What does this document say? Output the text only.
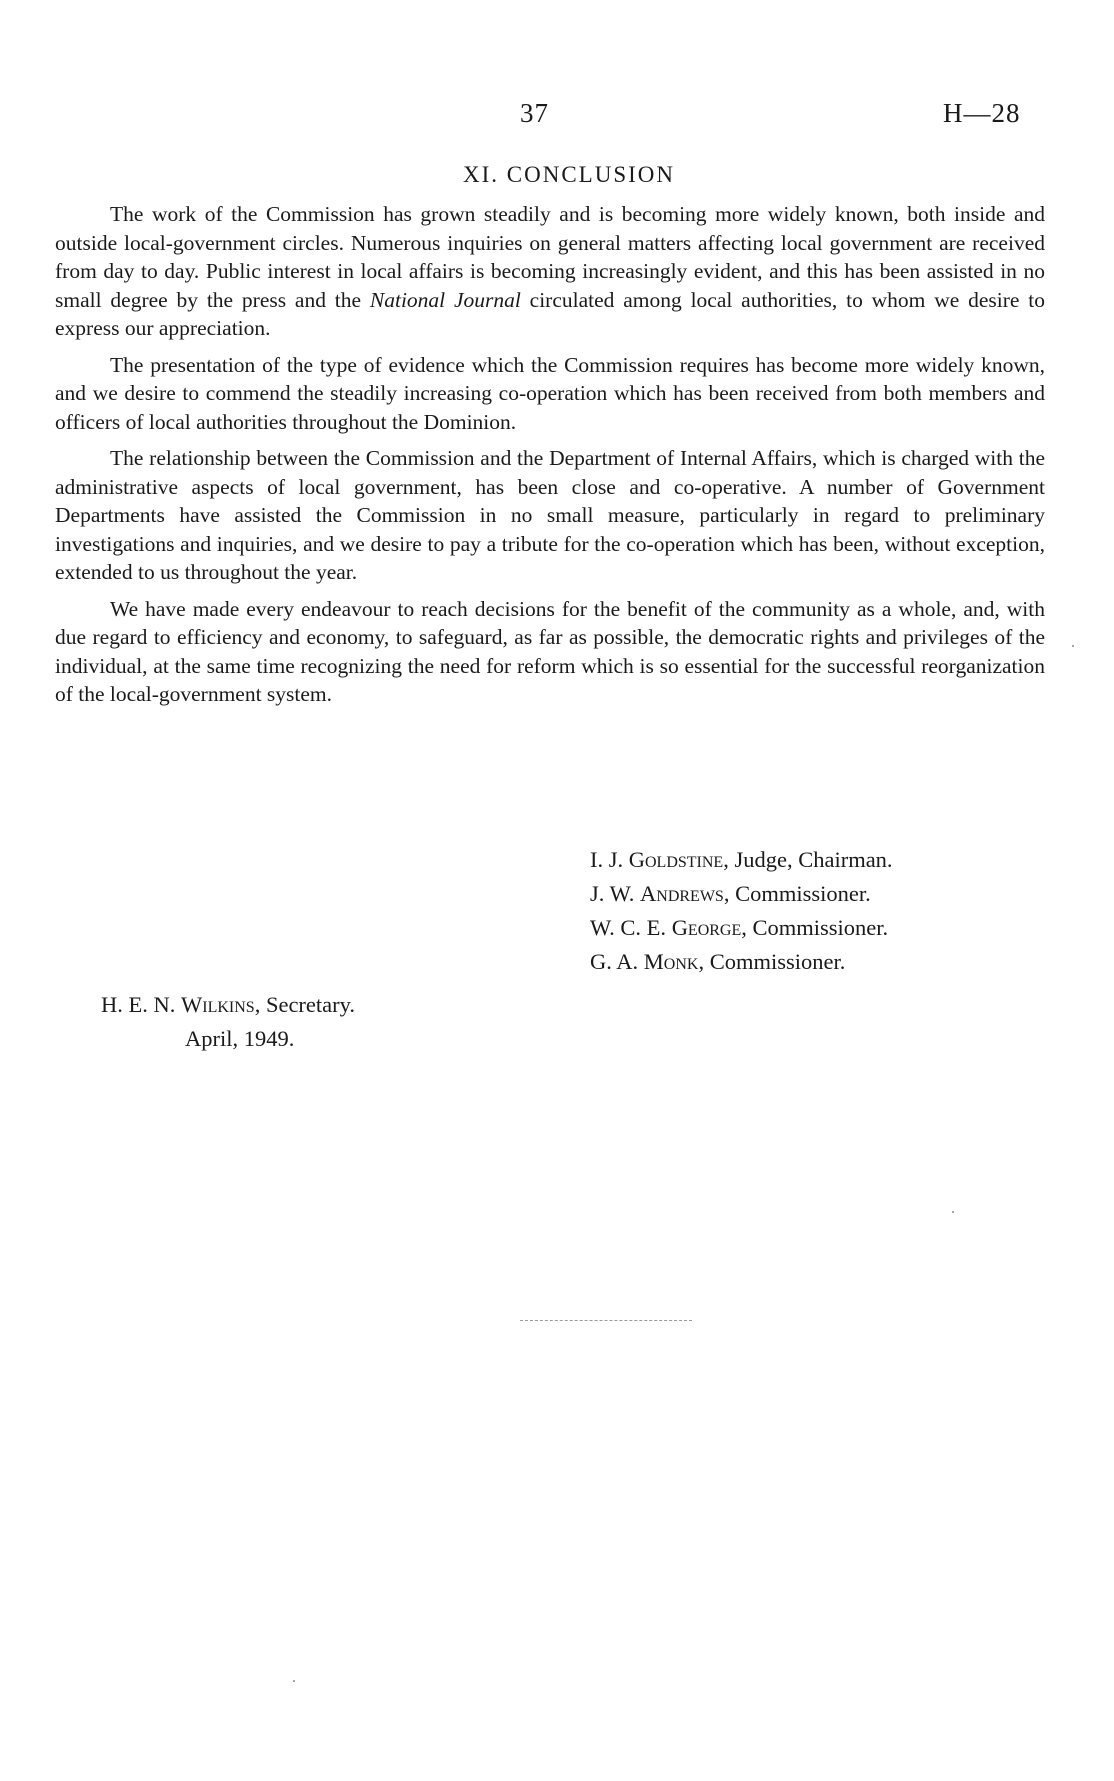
37	H—28
XI. CONCLUSION

The work of the Commission has grown steadily and is becoming more widely known, both inside and outside local-government circles. Numerous inquiries on general matters affecting local government are received from day to day. Public interest in local affairs is becoming increasingly evident, and this has been assisted in no small degree by the press and the National Journal circulated among local authorities, to whom we desire to express our appreciation.

The presentation of the type of evidence which the Commission requires has become more widely known, and we desire to commend the steadily increasing co-operation which has been received from both members and officers of local authorities throughout the Dominion.

The relationship between the Commission and the Department of Internal Affairs, which is charged with the administrative aspects of local government, has been close and co-operative. A number of Government Departments have assisted the Commission in no small measure, particularly in regard to preliminary investigations and inquiries, and we desire to pay a tribute for the co-operation which has been, without exception, extended to us throughout the year.

We have made every endeavour to reach decisions for the benefit of the community as a whole, and, with due regard to efficiency and economy, to safeguard, as far as possible, the democratic rights and privileges of the individual, at the same time recognizing the need for reform which is so essential for the successful reorganization of the local-government system.

I. J. Goldstine, Judge, Chairman.
J. W. Andrews, Commissioner.
W. C. E. George, Commissioner.
G. A. Monk, Commissioner.
H. E. N. Wilkins, Secretary.
April, 1949.
